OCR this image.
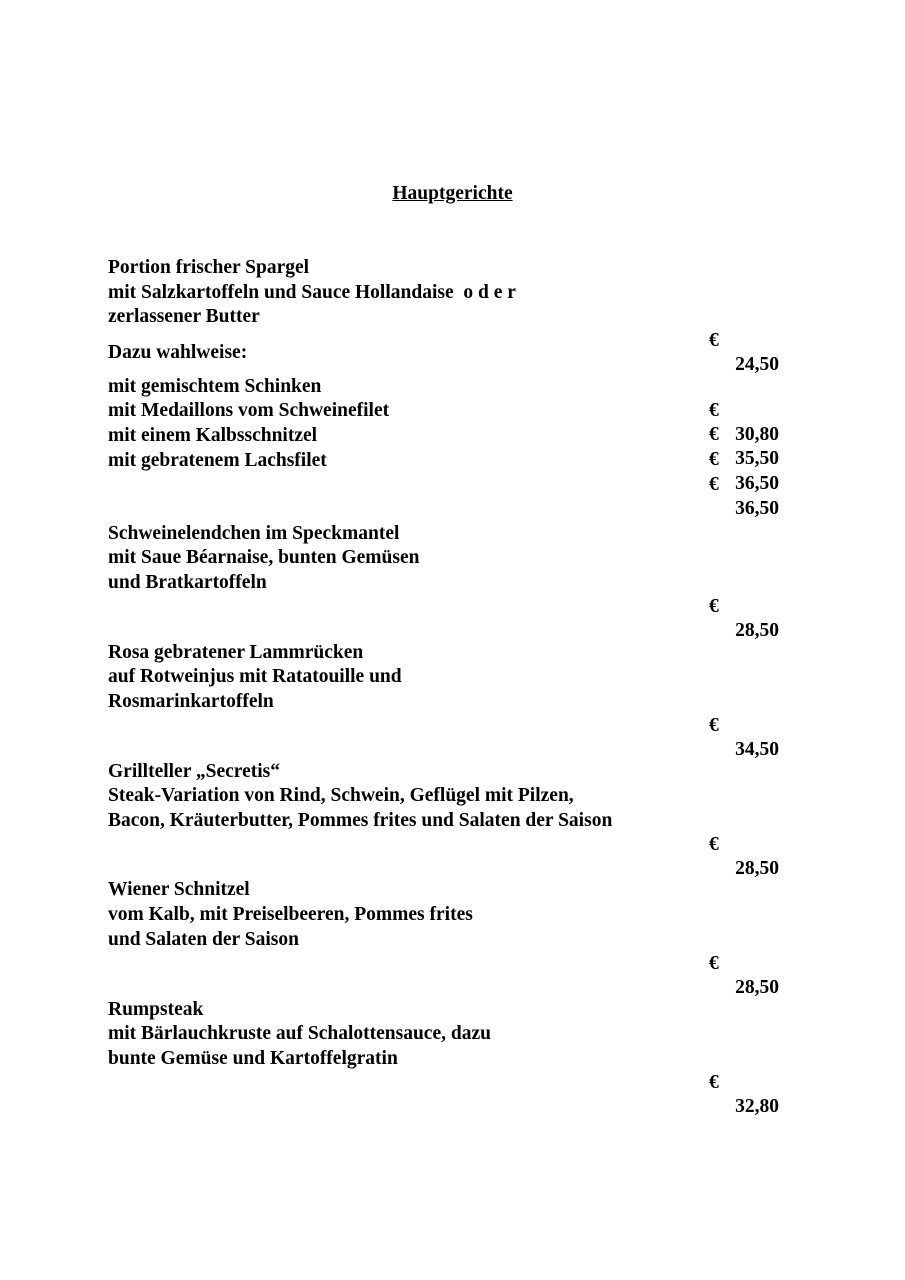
Hauptgerichte
Portion frischer Spargel
mit Salzkartoffeln und Sauce Hollandaise  o d e r
zerlassener Butter

€

24,50

Dazu wahlweise:
mit gemischtem Schinken

€

30,80

mit Medaillons vom Schweinefilet

€

35,50

mit einem Kalbsschnitzel

€

36,50

mit gebratenem Lachsfilet

€

36,50

Schweinelendchen im Speckmantel
mit Saue Béarnaise, bunten Gemüsen
und Bratkartoffeln

€

28,50

Rosa gebratener Lammrücken
auf Rotweinjus mit Ratatouille und
Rosmarinkartoffeln

€

34,50

Grillteller „Secretis“
Steak-Variation von Rind, Schwein, Geflügel mit Pilzen,
Bacon, Kräuterbutter, Pommes frites und Salaten der Saison

€

28,50

Wiener Schnitzel
vom Kalb, mit Preiselbeeren, Pommes frites
und Salaten der Saison

€

28,50

Rumpsteak
mit Bärlauchkruste auf Schalottensauce, dazu
bunte Gemüse und Kartoffelgratin

€

32,80
